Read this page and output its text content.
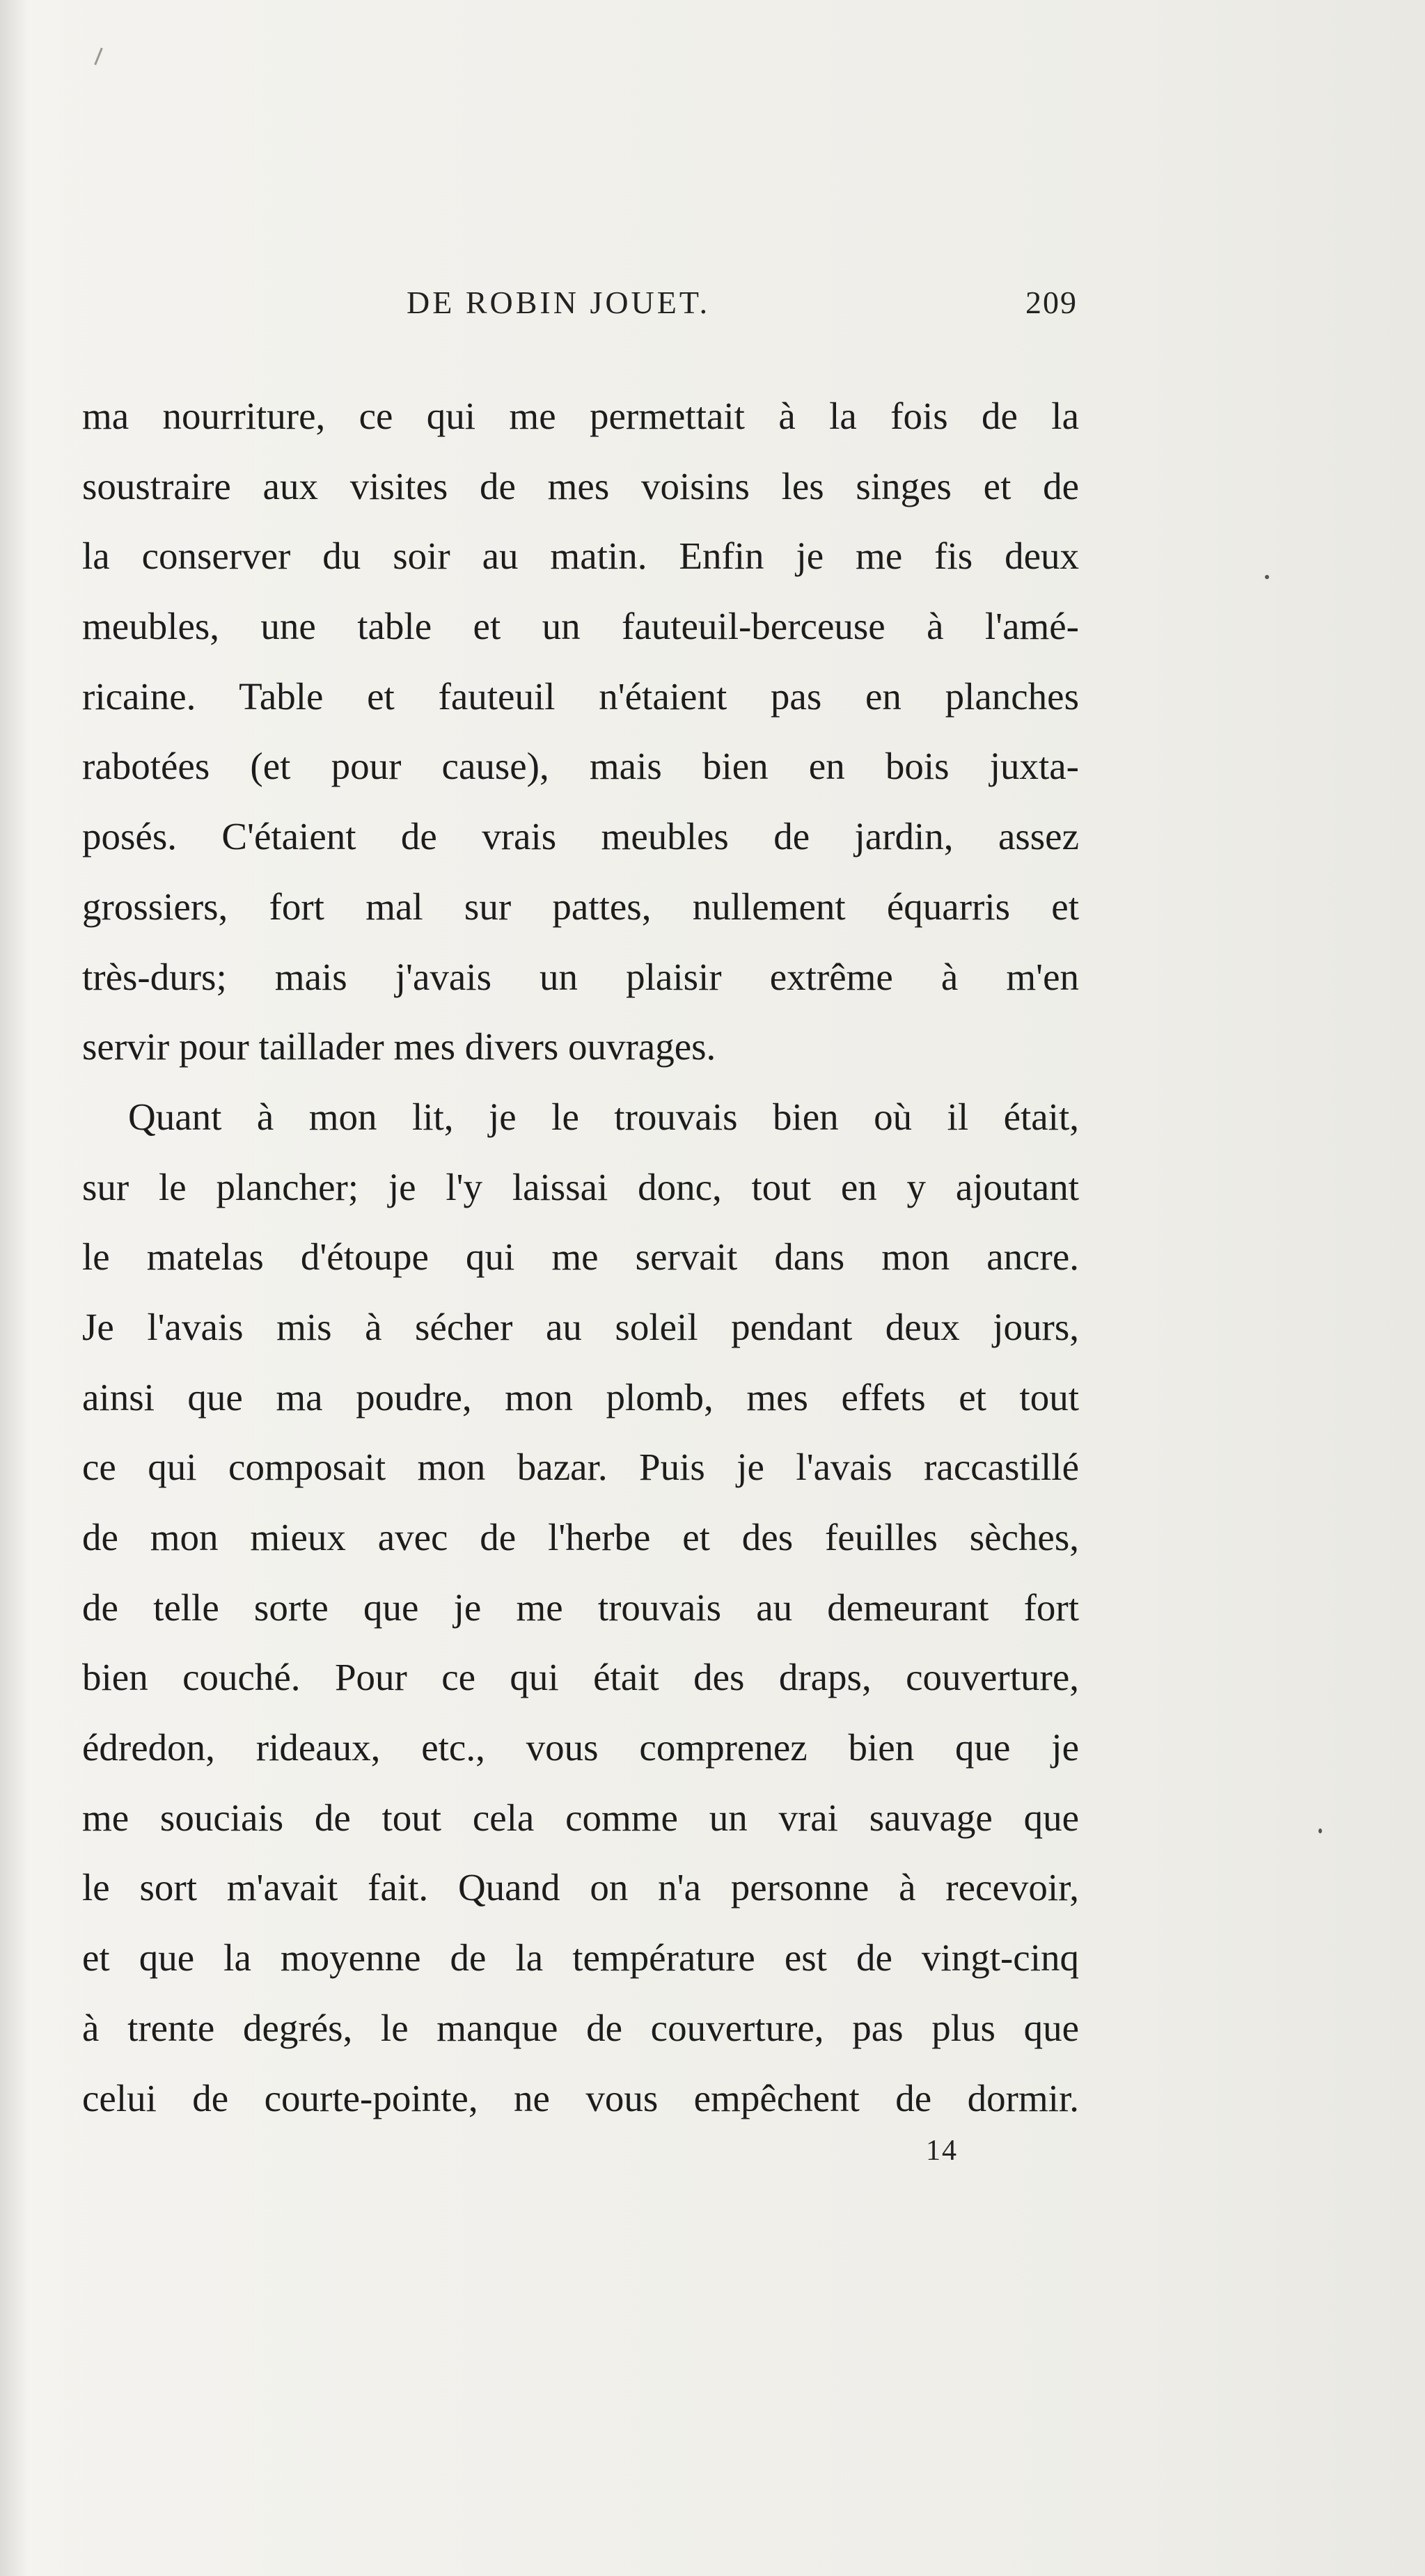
DE ROBIN JOUET.	209
ma nourriture, ce qui me permettait à la fois de la
soustraire aux visites de mes voisins les singes et de
la conserver du soir au matin. Enfin je me fis deux
meubles, une table et un fauteuil-berceuse à l'amé-
ricaine. Table et fauteuil n'étaient pas en planches
rabotées (et pour cause), mais bien en bois juxta-
posés. C'étaient de vrais meubles de jardin, assez
grossiers, fort mal sur pattes, nullement équarris et
très-durs; mais j'avais un plaisir extrême à m'en
servir pour taillader mes divers ouvrages.
Quant à mon lit, je le trouvais bien où il était,
sur le plancher; je l'y laissai donc, tout en y ajoutant
le matelas d'étoupe qui me servait dans mon ancre.
Je l'avais mis à sécher au soleil pendant deux jours,
ainsi que ma poudre, mon plomb, mes effets et tout
ce qui composait mon bazar. Puis je l'avais raccastillé
de mon mieux avec de l'herbe et des feuilles sèches,
de telle sorte que je me trouvais au demeurant fort
bien couché. Pour ce qui était des draps, couverture,
édredon, rideaux, etc., vous comprenez bien que je
me souciais de tout cela comme un vrai sauvage que
le sort m'avait fait. Quand on n'a personne à recevoir,
et que la moyenne de la température est de vingt-cinq
à trente degrés, le manque de couverture, pas plus que
celui de courte-pointe, ne vous empêchent de dormir.
14
